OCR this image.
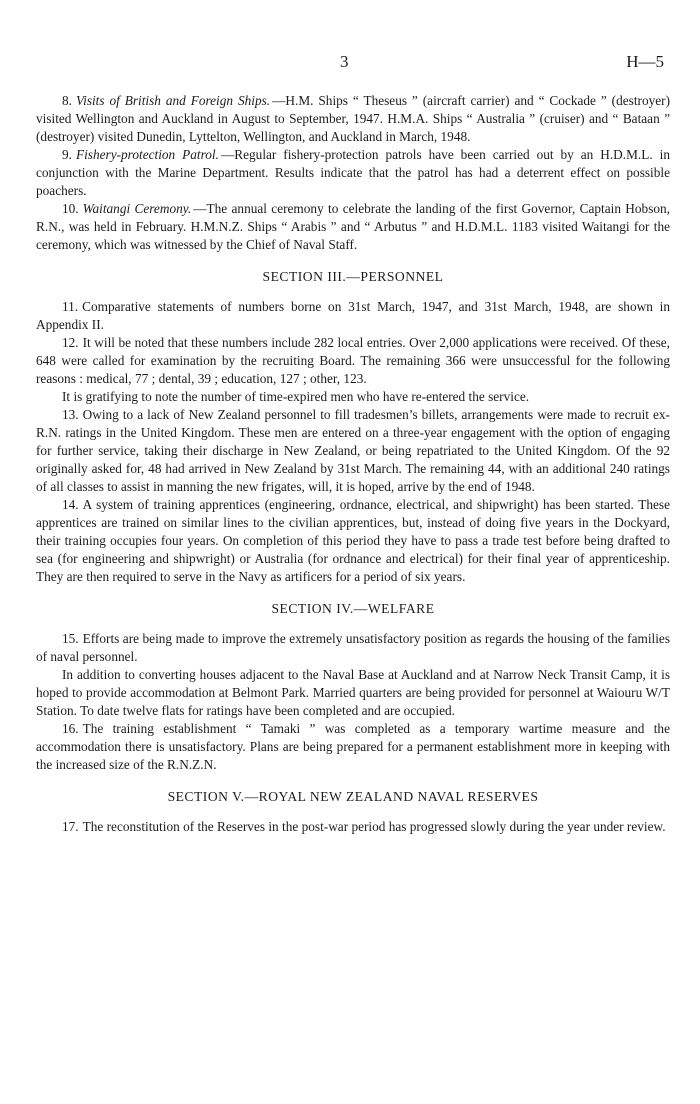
3	H—5

8. Visits of British and Foreign Ships. —H.M. Ships “ Theseus ” (aircraft carrier) and “ Cockade ” (destroyer) visited Wellington and Auckland in August to September, 1947. H.M.A. Ships “ Australia ” (cruiser) and “ Bataan ” (destroyer) visited Dunedin, Lyttelton, Wellington, and Auckland in March, 1948.

9. Fishery-protection Patrol. —Regular fishery-protection patrols have been carried out by an H.D.M.L. in conjunction with the Marine Department. Results indicate that the patrol has had a deterrent effect on possible poachers.

10. Waitangi Ceremony. —The annual ceremony to celebrate the landing of the first Governor, Captain Hobson, R.N., was held in February. H.M.N.Z. Ships “ Arabis ” and “ Arbutus ” and H.D.M.L. 1183 visited Waitangi for the ceremony, which was witnessed by the Chief of Naval Staff.

SECTION III.—PERSONNEL

11. Comparative statements of numbers borne on 31st March, 1947, and 31st March, 1948, are shown in Appendix II.

12. It will be noted that these numbers include 282 local entries. Over 2,000 applications were received. Of these, 648 were called for examination by the recruiting Board. The remaining 366 were unsuccessful for the following reasons : medical, 77 ; dental, 39 ; education, 127 ; other, 123.

It is gratifying to note the number of time-expired men who have re-entered the service.

13. Owing to a lack of New Zealand personnel to fill tradesmen’s billets, arrangements were made to recruit ex-R.N. ratings in the United Kingdom. These men are entered on a three-year engagement with the option of engaging for further service, taking their discharge in New Zealand, or being repatriated to the United Kingdom. Of the 92 originally asked for, 48 had arrived in New Zealand by 31st March. The remaining 44, with an additional 240 ratings of all classes to assist in manning the new frigates, will, it is hoped, arrive by the end of 1948.

14. A system of training apprentices (engineering, ordnance, electrical, and shipwright) has been started. These apprentices are trained on similar lines to the civilian apprentices, but, instead of doing five years in the Dockyard, their training occupies four years. On completion of this period they have to pass a trade test before being drafted to sea (for engineering and shipwright) or Australia (for ordnance and electrical) for their final year of apprenticeship. They are then required to serve in the Navy as artificers for a period of six years.

SECTION IV.—WELFARE

15. Efforts are being made to improve the extremely unsatisfactory position as regards the housing of the families of naval personnel.

In addition to converting houses adjacent to the Naval Base at Auckland and at Narrow Neck Transit Camp, it is hoped to provide accommodation at Belmont Park. Married quarters are being provided for personnel at Waiouru W/T Station. To date twelve flats for ratings have been completed and are occupied.

16. The training establishment “ Tamaki ” was completed as a temporary wartime measure and the accommodation there is unsatisfactory. Plans are being prepared for a permanent establishment more in keeping with the increased size of the R.N.Z.N.

SECTION V.—ROYAL NEW ZEALAND NAVAL RESERVES

17. The reconstitution of the Reserves in the post-war period has progressed slowly during the year under review.
